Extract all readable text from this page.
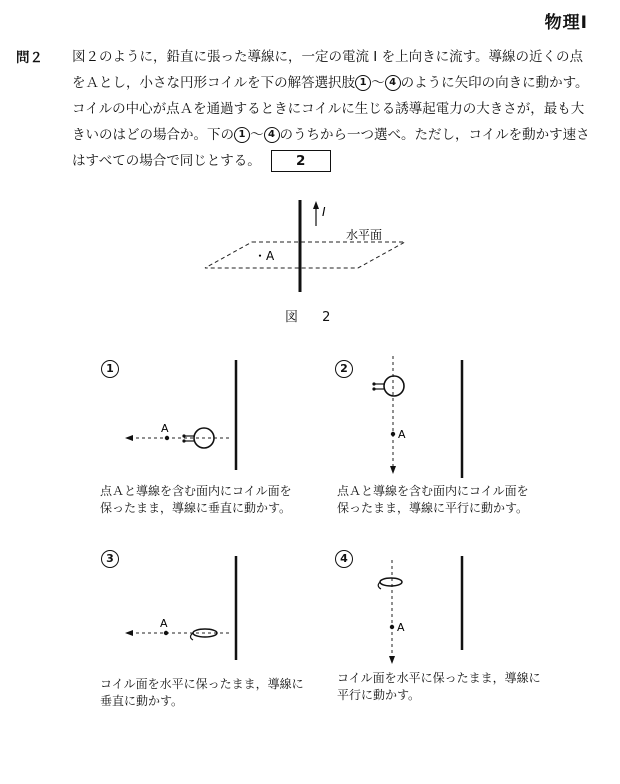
物理Ⅰ
問２ 図２のように，鉛直に張った導線に，一定の電流 I を上向きに流す。導線の近くの点をＡとし，小さな円形コイルを下の解答選択肢 1 ～ 4 のように矢印の向きに動かす。コイルの中心が点Ａを通過するときにコイルに生じる誘導起電力の大きさが，最も大きいのはどの場合か。下の 1 ～ 4 のうちから一つ選べ。ただし，コイルを動かす速さはすべての場合で同じとする。	2
I
水平面
・A
A	A
A	A
図 2
1	2
3	4
点Ａと導線を含む面内にコイル面を
保ったまま，導線に垂直に動かす。
点Ａと導線を含む面内にコイル面を
保ったまま，導線に平行に動かす。
コイル面を水平に保ったまま，導線に
垂直に動かす。
コイル面を水平に保ったまま，導線に
平行に動かす。
